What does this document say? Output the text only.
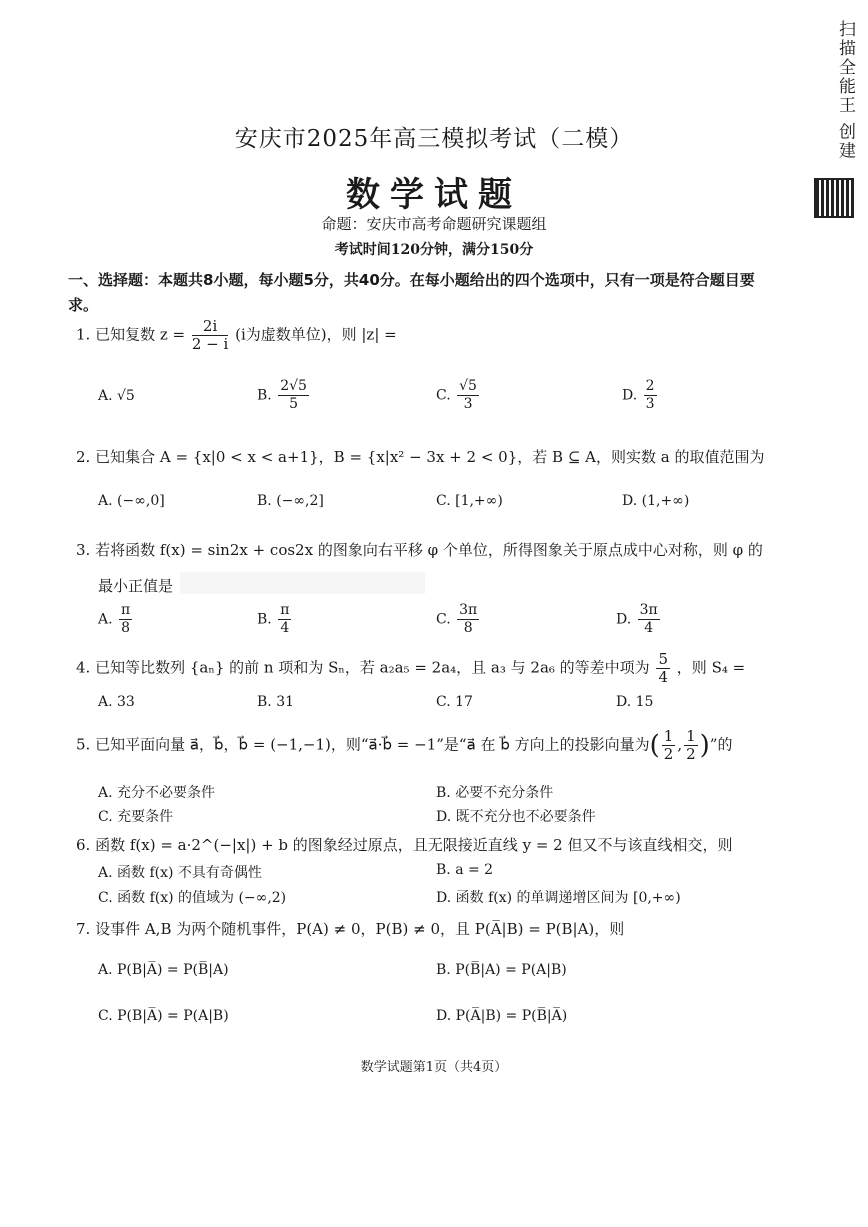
扫描全能王 创建
安庆市2025年高三模拟考试（二模）
数学试题
命题：安庆市高考命题研究课题组
考试时间120分钟，满分150分
一、选择题：本题共8小题，每小题5分，共40分。在每小题给出的四个选项中，只有一项是符合题目要求。
1. 已知复数 $z = \frac{2i}{2 - i} (i$为虚数单位)，则 |z| =
A. √5	B. $\frac{2√5}{5}$	C. $\frac{√5}{3}$	D. $\frac{2}{3}$
2. 已知集合 A = {x|0 < x < a+1}，B = {x|x² − 3x + 2 < 0}，若 B ⊆ A，则实数 a 的取值范围为
A. (−∞,0]	B. (−∞,2]	C. [1,+∞)	D. (1,+∞)
3. 若将函数 f(x) = sin2x + cos2x 的图象向右平移 φ 个单位，所得图象关于原点成中心对称，则 φ 的
最小正值是
A. $\frac{\pi}{8}$	B. $\frac{\pi}{4}$	C. $\frac{3\pi}{8}$	D. $\frac{3\pi}{4}$
4. 已知等比数列 {aₙ} 的前 n 项和为 Sₙ，若 a₂a₅ = 2a₄，且 a₃ 与 2a₆ 的等差中项为 $\frac{5}{4}$ ，则 S₄ =
A. 33	B. 31	C. 17	D. 15
5. 已知平面向量 a⃗，b⃗，b⃗ = (−1,−1)，则“a⃗·b⃗ = −1”是“a⃗ 在 b⃗ 方向上的投影向量为( $\frac{1}{2}$ , $\frac{1}{2}$ )”的
A. 充分不必要条件	B. 必要不充分条件
C. 充要条件	D. 既不充分也不必要条件
6. 函数 f(x) = a·2^(−|x|) + b 的图象经过原点，且无限接近直线 y = 2 但又不与该直线相交，则
A. 函数 f(x) 不具有奇偶性	B. a = 2
C. 函数 f(x) 的值域为 (−∞,2)	D. 函数 f(x) 的单调递增区间为 [0,+∞)
7. 设事件 A,B 为两个随机事件，P(A) ≠ 0，P(B) ≠ 0，且 P(A̅|B) = P(B|A)，则
A. P(B|A̅) = P(B̅|A)	B. P(B̅|A) = P(A|B)
C. P(B|A̅) = P(A|B)	D. P(A̅|B) = P(B̅|A̅)
数学试题第1页（共4页）
